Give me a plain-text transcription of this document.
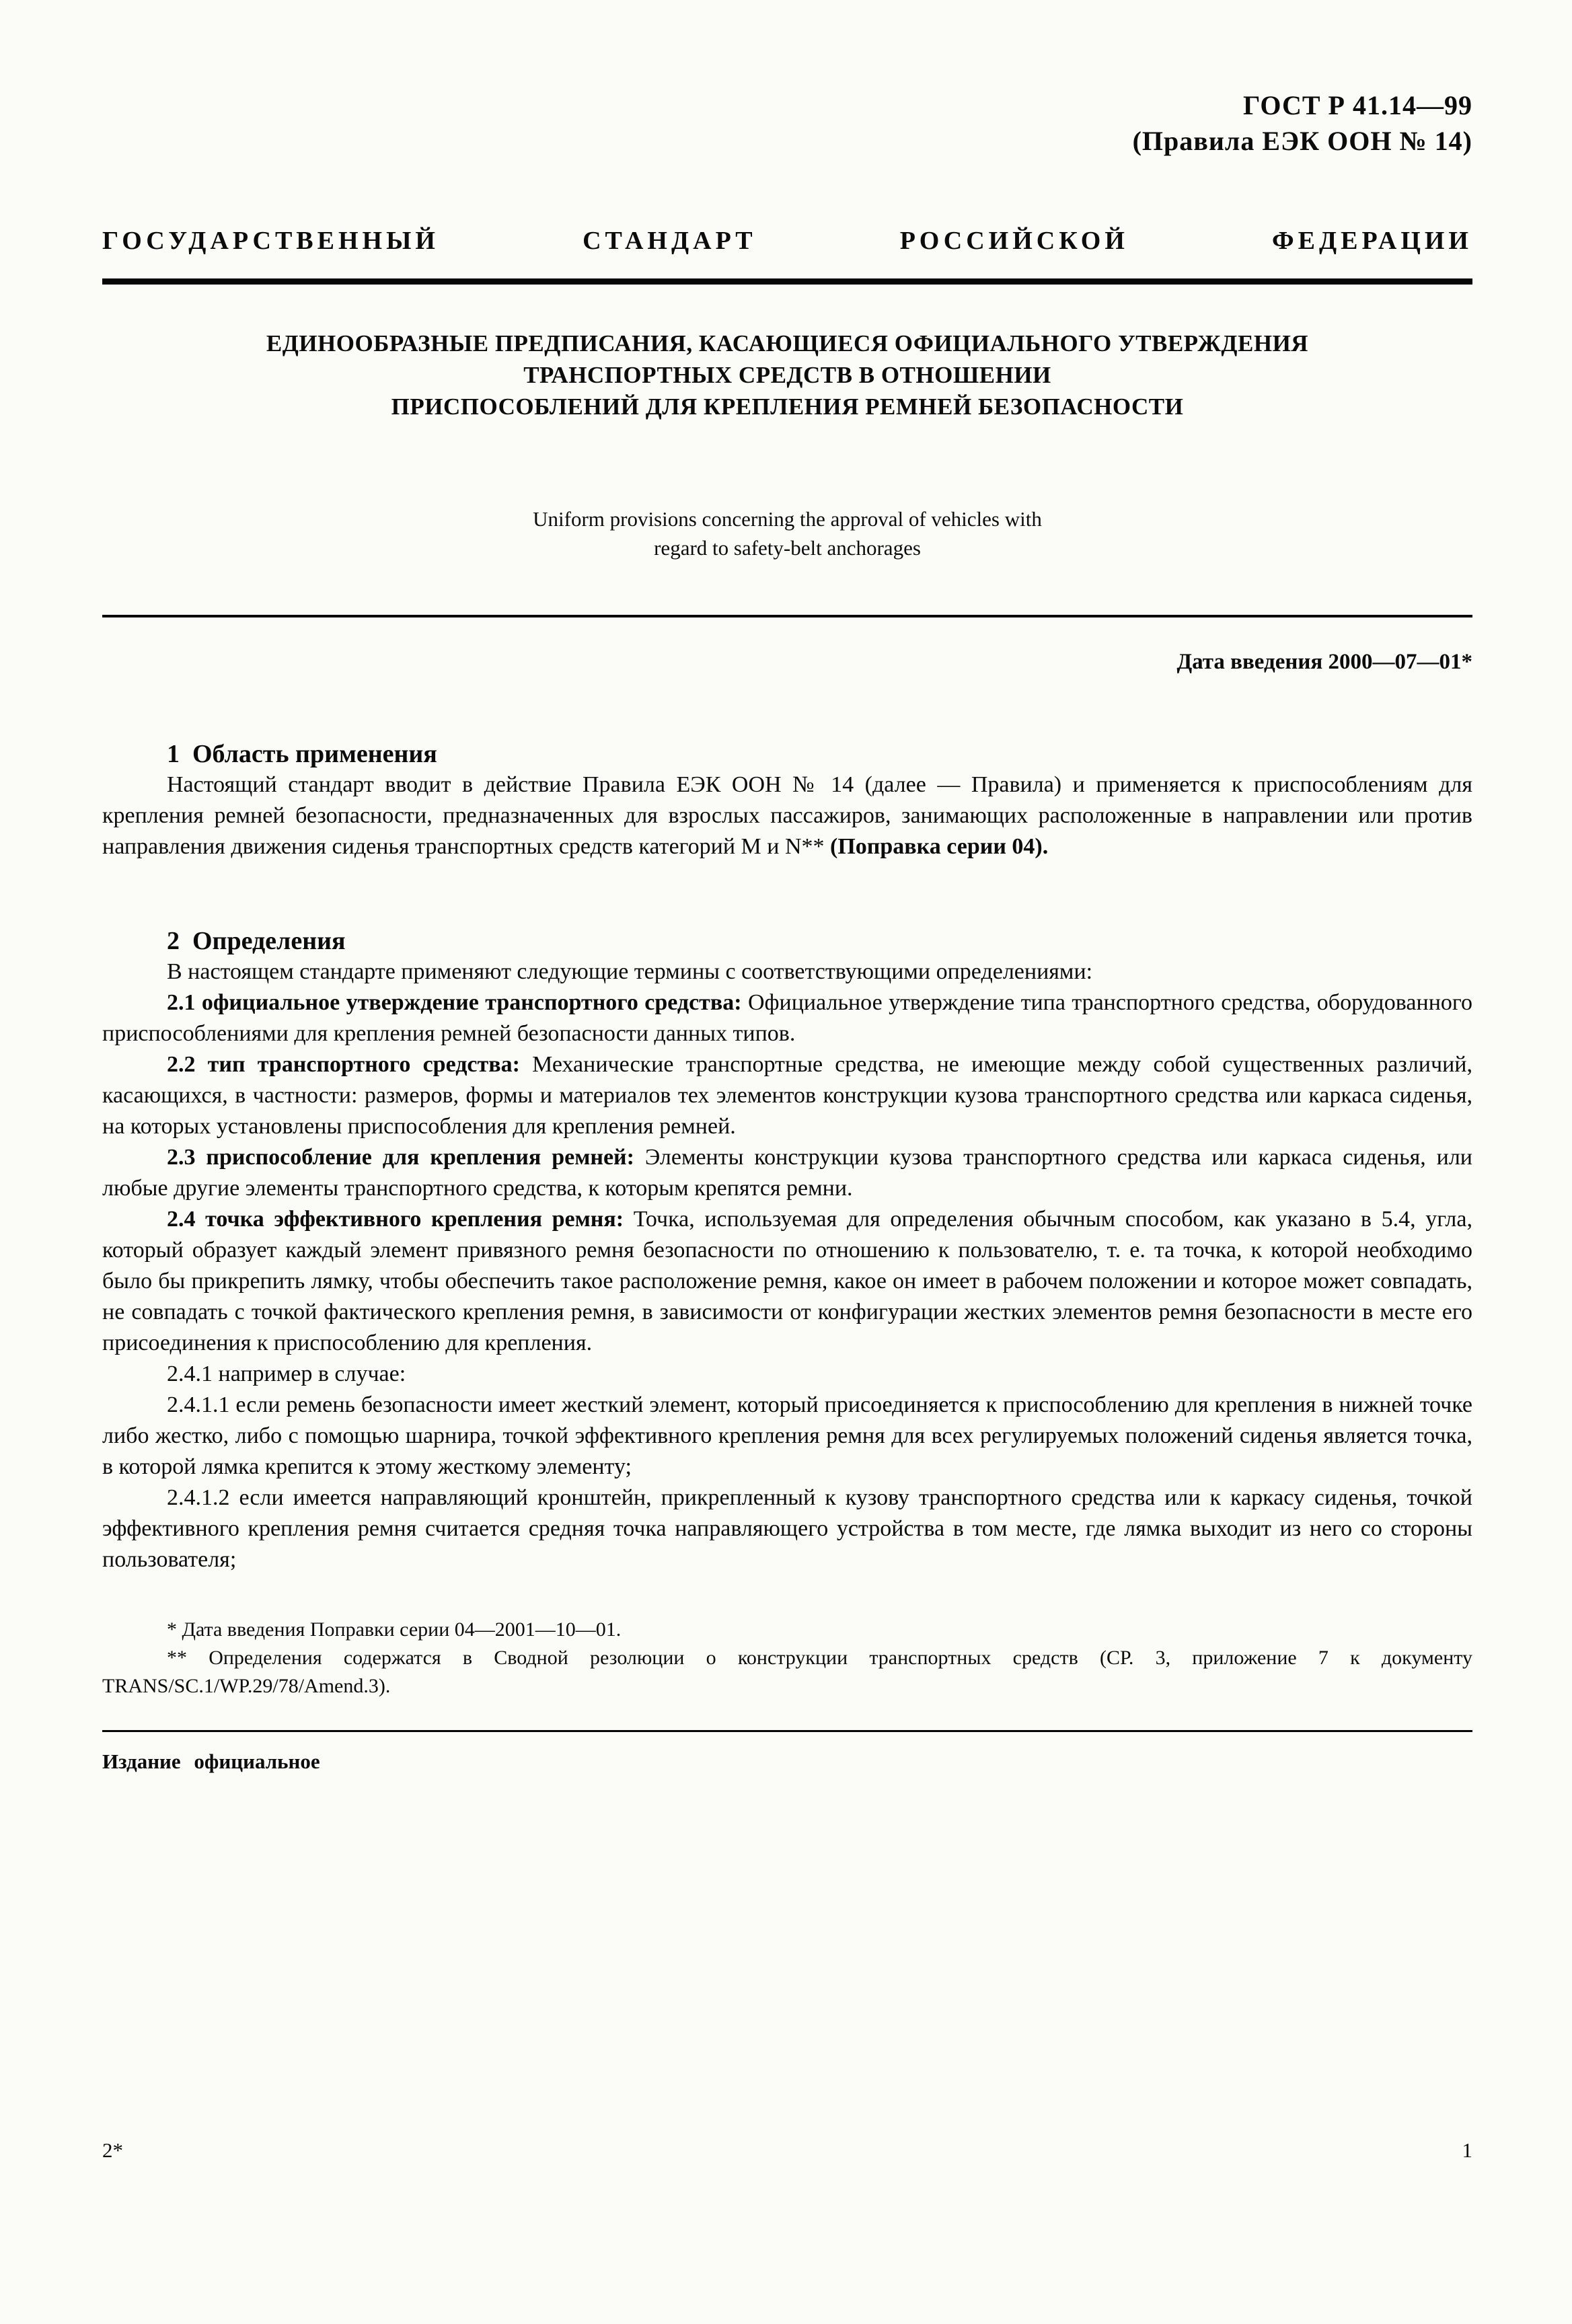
ГОСТ Р 41.14—99
(Правила ЕЭК ООН № 14)
ГОСУДАРСТВЕННЫЙ	СТАНДАРТ	РОССИЙСКОЙ	ФЕДЕРАЦИИ
ЕДИНООБРАЗНЫЕ ПРЕДПИСАНИЯ, КАСАЮЩИЕСЯ ОФИЦИАЛЬНОГО УТВЕРЖДЕНИЯ
ТРАНСПОРТНЫХ СРЕДСТВ В ОТНОШЕНИИ
ПРИСПОСОБЛЕНИЙ ДЛЯ КРЕПЛЕНИЯ РЕМНЕЙ БЕЗОПАСНОСТИ
Uniform provisions concerning the approval of vehicles with
regard to safety-belt anchorages
Дата введения 2000—07—01*
1 Область применения

Настоящий стандарт вводит в действие Правила ЕЭК ООН № 14 (далее — Правила) и применяется к приспособлениям для крепления ремней безопасности, предназначенных для взрослых пассажиров, занимающих расположенные в направлении или против направления движения сиденья транспортных средств категорий М и N** (Поправка серии 04).

2 Определения

В настоящем стандарте применяют следующие термины с соответствующими определениями:

2.1 официальное утверждение транспортного средства: Официальное утверждение типа транспортного средства, оборудованного приспособлениями для крепления ремней безопасности данных типов.

2.2 тип транспортного средства: Механические транспортные средства, не имеющие между собой существенных различий, касающихся, в частности: размеров, формы и материалов тех элементов конструкции кузова транспортного средства или каркаса сиденья, на которых установлены приспособления для крепления ремней.

2.3 приспособление для крепления ремней: Элементы конструкции кузова транспортного средства или каркаса сиденья, или любые другие элементы транспортного средства, к которым крепятся ремни.

2.4 точка эффективного крепления ремня: Точка, используемая для определения обычным способом, как указано в 5.4, угла, который образует каждый элемент привязного ремня безопасности по отношению к пользователю, т. е. та точка, к которой необходимо было бы прикрепить лямку, чтобы обеспечить такое расположение ремня, какое он имеет в рабочем положении и которое может совпадать, не совпадать с точкой фактического крепления ремня, в зависимости от конфигурации жестких элементов ремня безопасности в месте его присоединения к приспособлению для крепления.

2.4.1 например в случае:

2.4.1.1 если ремень безопасности имеет жесткий элемент, который присоединяется к приспособлению для крепления в нижней точке либо жестко, либо с помощью шарнира, точкой эффективного крепления ремня для всех регулируемых положений сиденья является точка, в которой лямка крепится к этому жесткому элементу;

2.4.1.2 если имеется направляющий кронштейн, прикрепленный к кузову транспортного средства или к каркасу сиденья, точкой эффективного крепления ремня считается средняя точка направляющего устройства в том месте, где лямка выходит из него со стороны пользователя;

* Дата введения Поправки серии 04—2001—10—01.

** Определения содержатся в Сводной резолюции о конструкции транспортных средств (СР. 3, приложение 7 к документу TRANS/SC.1/WP.29/78/Amend.3).

Издание официальное
2*	1
